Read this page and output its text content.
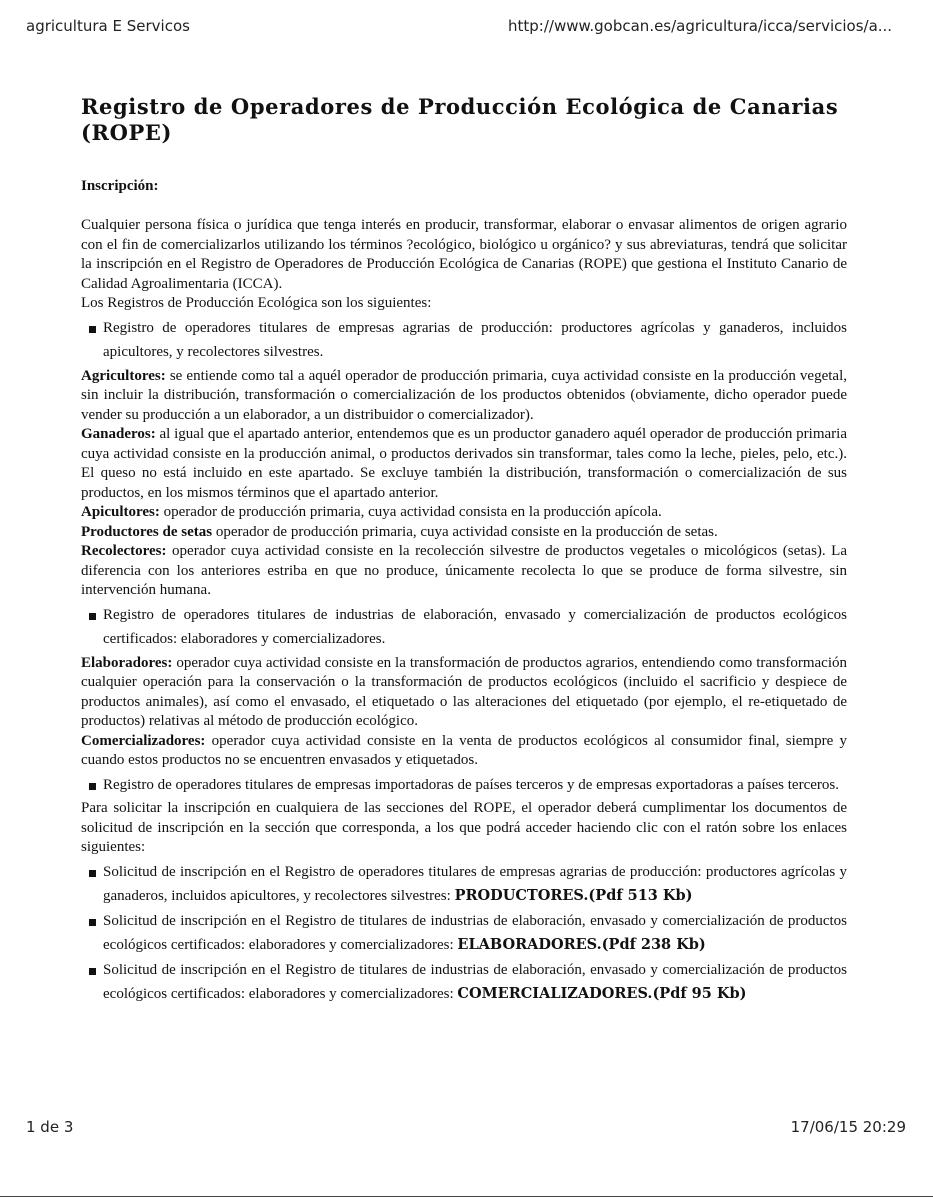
agricultura E Servicos	http://www.gobcan.es/agricultura/icca/servicios/a...
Registro de Operadores de Producción Ecológica de Canarias (ROPE)
Inscripción:

Cualquier persona física o jurídica que tenga interés en producir, transformar, elaborar o envasar alimentos de origen agrario con el fin de comercializarlos utilizando los términos ?ecológico, biológico u orgánico? y sus abreviaturas, tendrá que solicitar la inscripción en el Registro de Operadores de Producción Ecológica de Canarias (ROPE) que gestiona el Instituto Canario de Calidad Agroalimentaria (ICCA).

Los Registros de Producción Ecológica son los siguientes:

Registro de operadores titulares de empresas agrarias de producción: productores agrícolas y ganaderos, incluidos apicultores, y recolectores silvestres.

Agricultores: se entiende como tal a aquél operador de producción primaria, cuya actividad consiste en la producción vegetal, sin incluir la distribución, transformación o comercialización de los productos obtenidos (obviamente, dicho operador puede vender su producción a un elaborador, a un distribuidor o comercializador).

Ganaderos: al igual que el apartado anterior, entendemos que es un productor ganadero aquél operador de producción primaria cuya actividad consiste en la producción animal, o productos derivados sin transformar, tales como la leche, pieles, pelo, etc.). El queso no está incluido en este apartado. Se excluye también la distribución, transformación o comercialización de sus productos, en los mismos términos que el apartado anterior.

Apicultores: operador de producción primaria, cuya actividad consista en la producción apícola.

Productores de setas operador de producción primaria, cuya actividad consiste en la producción de setas.

Recolectores: operador cuya actividad consiste en la recolección silvestre de productos vegetales o micológicos (setas). La diferencia con los anteriores estriba en que no produce, únicamente recolecta lo que se produce de forma silvestre, sin intervención humana.

Registro de operadores titulares de industrias de elaboración, envasado y comercialización de productos ecológicos certificados: elaboradores y comercializadores.

Elaboradores: operador cuya actividad consiste en la transformación de productos agrarios, entendiendo como transformación cualquier operación para la conservación o la transformación de productos ecológicos (incluido el sacrificio y despiece de productos animales), así como el envasado, el etiquetado o las alteraciones del etiquetado (por ejemplo, el re-etiquetado de productos) relativas al método de producción ecológico.

Comercializadores: operador cuya actividad consiste en la venta de productos ecológicos al consumidor final, siempre y cuando estos productos no se encuentren envasados y etiquetados.

Registro de operadores titulares de empresas importadoras de países terceros y de empresas exportadoras a países terceros.

Para solicitar la inscripción en cualquiera de las secciones del ROPE, el operador deberá cumplimentar los documentos de solicitud de inscripción en la sección que corresponda, a los que podrá acceder haciendo clic con el ratón sobre los enlaces siguientes:

Solicitud de inscripción en el Registro de operadores titulares de empresas agrarias de producción: productores agrícolas y ganaderos, incluidos apicultores, y recolectores silvestres: PRODUCTORES.(Pdf 513 Kb)
Solicitud de inscripción en el Registro de titulares de industrias de elaboración, envasado y comercialización de productos ecológicos certificados: elaboradores y comercializadores: ELABORADORES.(Pdf 238 Kb)
Solicitud de inscripción en el Registro de titulares de industrias de elaboración, envasado y comercialización de productos ecológicos certificados: elaboradores y comercializadores: COMERCIALIZADORES.(Pdf 95 Kb)
1 de 3	17/06/15 20:29
